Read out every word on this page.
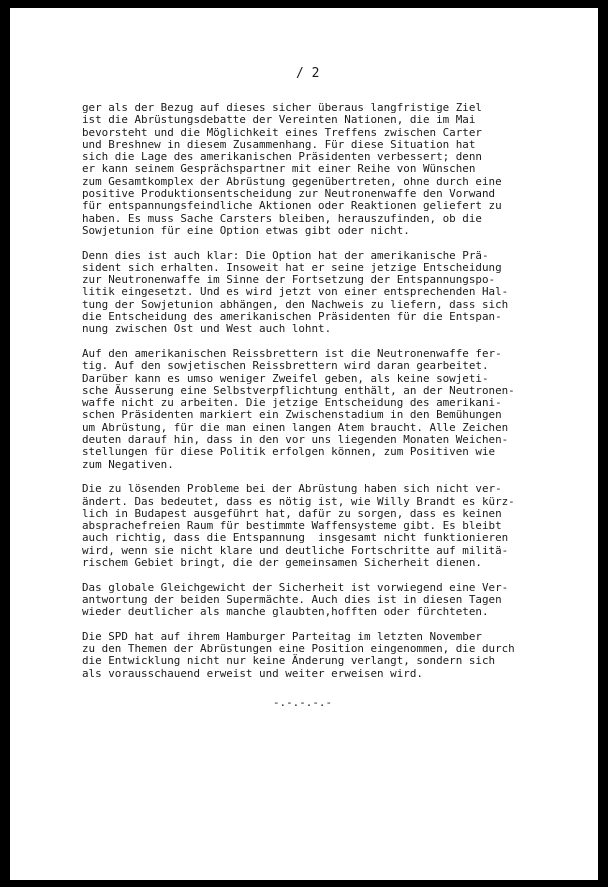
/ 2
ger als der Bezug auf dieses sicher überaus langfristige Ziel
ist die Abrüstungsdebatte der Vereinten Nationen, die im Mai
bevorsteht und die Möglichkeit eines Treffens zwischen Carter
und Breshnew in diesem Zusammenhang. Für diese Situation hat
sich die Lage des amerikanischen Präsidenten verbessert; denn
er kann seinem Gesprächspartner mit einer Reihe von Wünschen
zum Gesamtkomplex der Abrüstung gegenübertreten, ohne durch eine
positive Produktionsentscheidung zur Neutronenwaffe den Vorwand
für entspannungsfeindliche Aktionen oder Reaktionen geliefert zu
haben. Es muss Sache Carsters bleiben, herauszufinden, ob die
Sowjetunion für eine Option etwas gibt oder nicht.
Denn dies ist auch klar: Die Option hat der amerikanische Prä-
sident sich erhalten. Insoweit hat er seine jetzige Entscheidung
zur Neutronenwaffe im Sinne der Fortsetzung der Entspannungspo-
litik eingesetzt. Und es wird jetzt von einer entsprechenden Hal-
tung der Sowjetunion abhängen, den Nachweis zu liefern, dass sich
die Entscheidung des amerikanischen Präsidenten für die Entspan-
nung zwischen Ost und West auch lohnt.
Auf den amerikanischen Reissbrettern ist die Neutronenwaffe fer-
tig. Auf den sowjetischen Reissbrettern wird daran gearbeitet.
Darüber kann es umso weniger Zweifel geben, als keine sowjeti-
sche Äusserung eine Selbstverpflichtung enthält, an der Neutronen-
waffe nicht zu arbeiten. Die jetzige Entscheidung des amerikani-
schen Präsidenten markiert ein Zwischenstadium in den Bemühungen
um Abrüstung, für die man einen langen Atem braucht. Alle Zeichen
deuten darauf hin, dass in den vor uns liegenden Monaten Weichen-
stellungen für diese Politik erfolgen können, zum Positiven wie
zum Negativen.
Die zu lösenden Probleme bei der Abrüstung haben sich nicht ver-
ändert. Das bedeutet, dass es nötig ist, wie Willy Brandt es kürz-
lich in Budapest ausgeführt hat, dafür zu sorgen, dass es keinen
absprachefreien Raum für bestimmte Waffensysteme gibt. Es bleibt
auch richtig, dass die Entspannung  insgesamt nicht funktionieren
wird, wenn sie nicht klare und deutliche Fortschritte auf militä-
rischem Gebiet bringt, die der gemeinsamen Sicherheit dienen.
Das globale Gleichgewicht der Sicherheit ist vorwiegend eine Ver-
antwortung der beiden Supermächte. Auch dies ist in diesen Tagen
wieder deutlicher als manche glaubten,hofften oder fürchteten.
Die SPD hat auf ihrem Hamburger Parteitag im letzten November
zu den Themen der Abrüstungen eine Position eingenommen, die durch
die Entwicklung nicht nur keine Änderung verlangt, sondern sich
als vorausschauend erweist und weiter erweisen wird.
-.-.-.-.-
